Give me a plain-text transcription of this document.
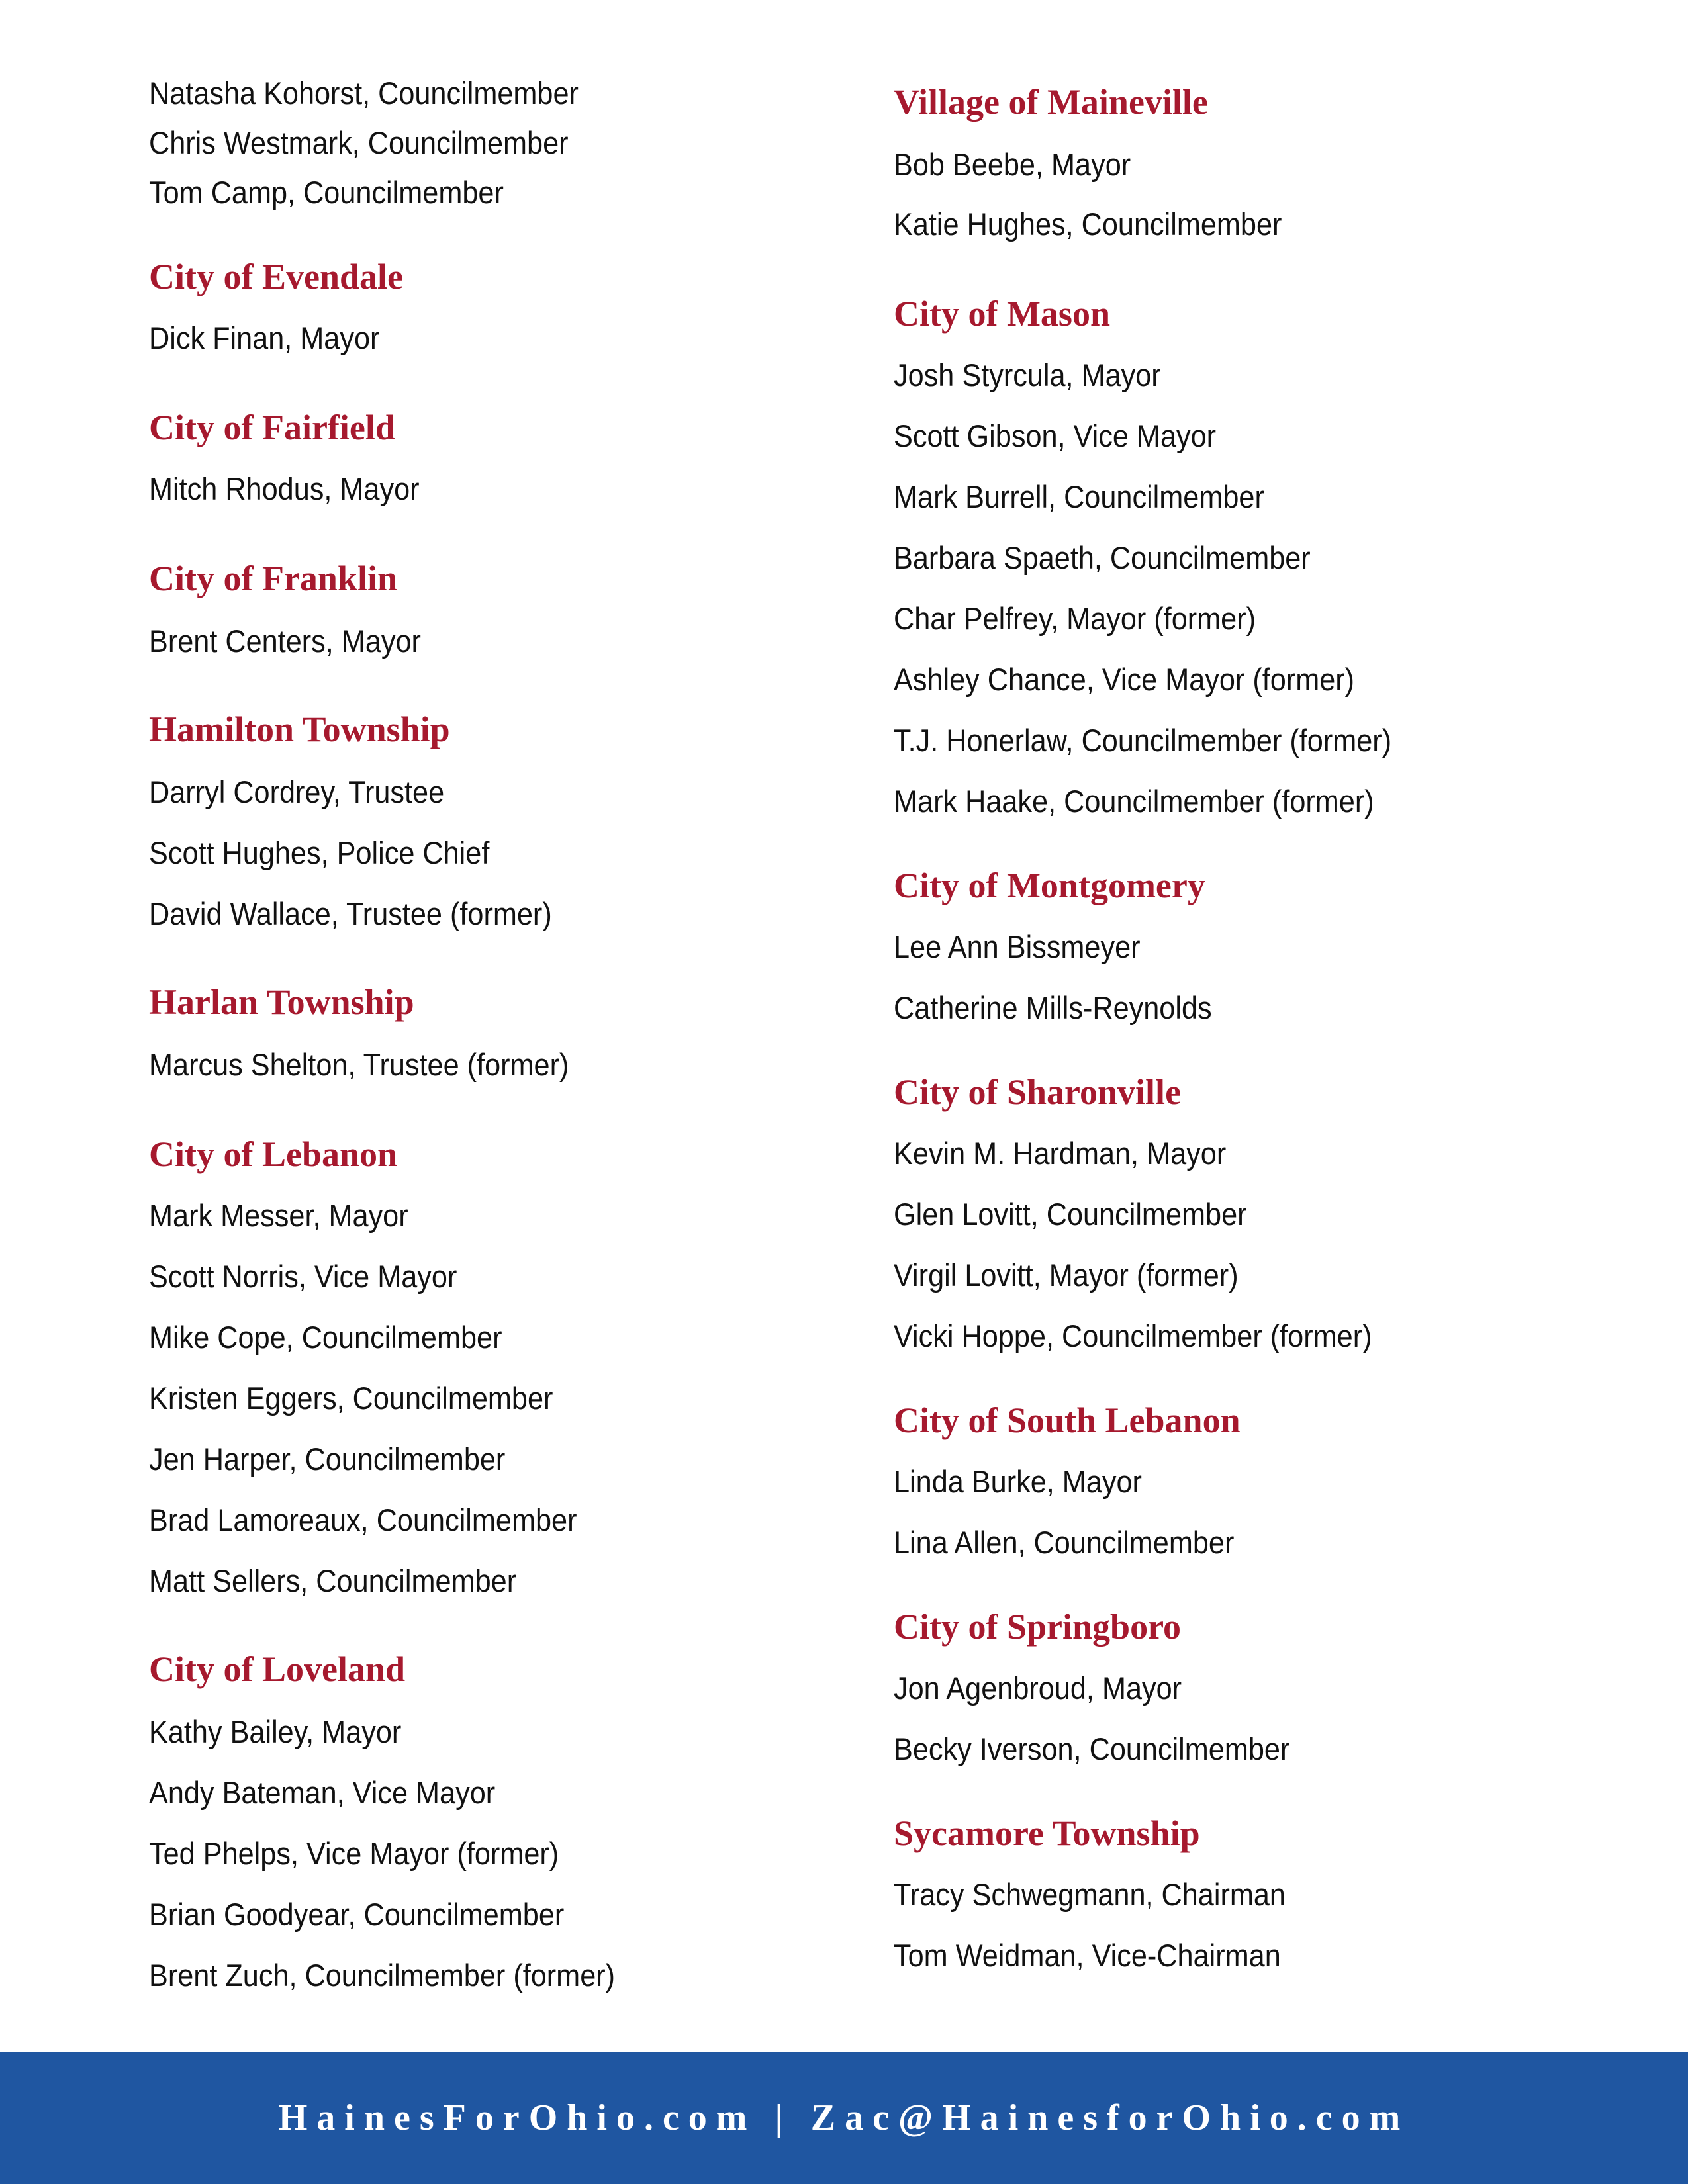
Natasha Kohorst, Councilmember
Chris Westmark, Councilmember
Tom Camp, Councilmember
City of Evendale
Dick Finan, Mayor
City of Fairfield
Mitch Rhodus, Mayor
City of Franklin
Brent Centers, Mayor
Hamilton Township
Darryl Cordrey, Trustee
Scott Hughes, Police Chief
David Wallace, Trustee (former)
Harlan Township
Marcus Shelton, Trustee (former)
City of Lebanon
Mark Messer, Mayor
Scott Norris, Vice Mayor
Mike Cope, Councilmember
Kristen Eggers, Councilmember
Jen Harper, Councilmember
Brad Lamoreaux, Councilmember
Matt Sellers, Councilmember
City of Loveland
Kathy Bailey, Mayor
Andy Bateman, Vice Mayor
Ted Phelps, Vice Mayor (former)
Brian Goodyear, Councilmember
Brent Zuch, Councilmember (former)
Village of Maineville
Bob Beebe, Mayor
Katie Hughes, Councilmember
City of Mason
Josh Styrcula, Mayor
Scott Gibson, Vice Mayor
Mark Burrell, Councilmember
Barbara Spaeth, Councilmember
Char Pelfrey, Mayor (former)
Ashley Chance, Vice Mayor (former)
T.J. Honerlaw, Councilmember (former)
Mark Haake, Councilmember (former)
City of Montgomery
Lee Ann Bissmeyer
Catherine Mills-Reynolds
City of Sharonville
Kevin M. Hardman, Mayor
Glen Lovitt, Councilmember
Virgil Lovitt, Mayor (former)
Vicki Hoppe, Councilmember (former)
City of South Lebanon
Linda Burke, Mayor
Lina Allen, Councilmember
City of Springboro
Jon Agenbroud, Mayor
Becky Iverson, Councilmember
Sycamore Township
Tracy Schwegmann, Chairman
Tom Weidman, Vice-Chairman
HainesForOhio.com | Zac@HainesforOhio.com
